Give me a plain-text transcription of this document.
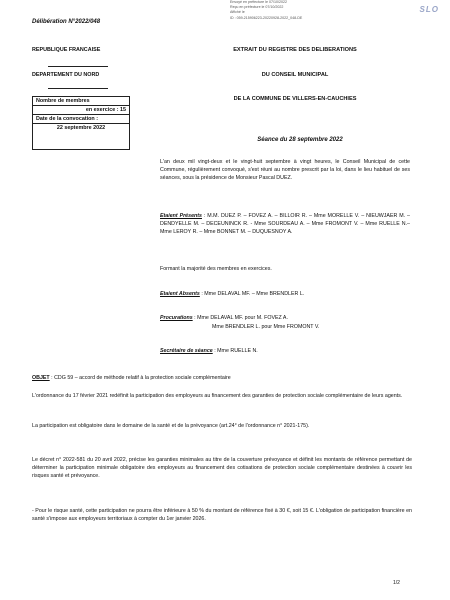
Envoyé en préfecture le 07/10/2022
Reçu en préfecture le 07/10/2022
Affiché le
ID : 059-215906223-20220928-2022_048-DE
SLO
Délibération N°2022/048
REPUBLIQUE FRANCAISE
DEPARTEMENT DU NORD
Nombre de membres
en exercice : 15
Date de la convocation :
22 septembre 2022
EXTRAIT DU REGISTRE DES DELIBERATIONS
DU CONSEIL MUNICIPAL
DE LA COMMUNE DE VILLERS-EN-CAUCHIES
Séance du 28 septembre 2022
L'an deux mil vingt-deux et le vingt-huit septembre à vingt heures, le Conseil Municipal de cette Commune, régulièrement convoqué, s'est réuni au nombre prescrit par la loi, dans le lieu habituel de ses séances, sous la présidence de Monsieur Pascal DUEZ.
Etaient Présents : M.M. DUEZ P. – FOVEZ A. – BILLOIR R. – Mme MORELLE V. – NIEUWJAER M. – DENDYELLE M. – DECEUNINCK R. - Mme SOURDEAU A. – Mme FROMONT V. – Mme RUELLE N.– Mme LEROY R. – Mme BONNET M. – DUQUESNOY A.
Formant la majorité des membres en exercices.
Etaient Absents : Mme DELAVAL MF. – Mme BRENDLER L.
Procurations : Mme DELAVAL MF. pour M. FOVEZ A.
Mme BRENDLER L. pour Mme FROMONT V.
Secrétaire de séance : Mme RUELLE N.
OBJET : CDG 59 – accord de méthode relatif à la protection sociale complémentaire
L'ordonnance du 17 février 2021 redéfinit la participation des employeurs au financement des garanties de protection sociale complémentaire de leurs agents.
La participation est obligatoire dans le domaine de la santé et de la prévoyance (art.24° de l'ordonnance n° 2021-175).
Le décret n° 2022-581 du 20 avril 2022, précise les garanties minimales au titre de la couverture prévoyance et définit les montants de référence permettant de déterminer la participation minimale obligatoire des employeurs au financement des cotisations de protection sociale complémentaire destinées à couvrir les risques santé et prévoyance.
- Pour le risque santé, cette participation ne pourra être inférieure à 50 % du montant de référence fixé à 30 €, soit 15 €. L'obligation de participation financière en santé s'impose aux employeurs territoriaux à compter du 1er janvier 2026.
1/2
